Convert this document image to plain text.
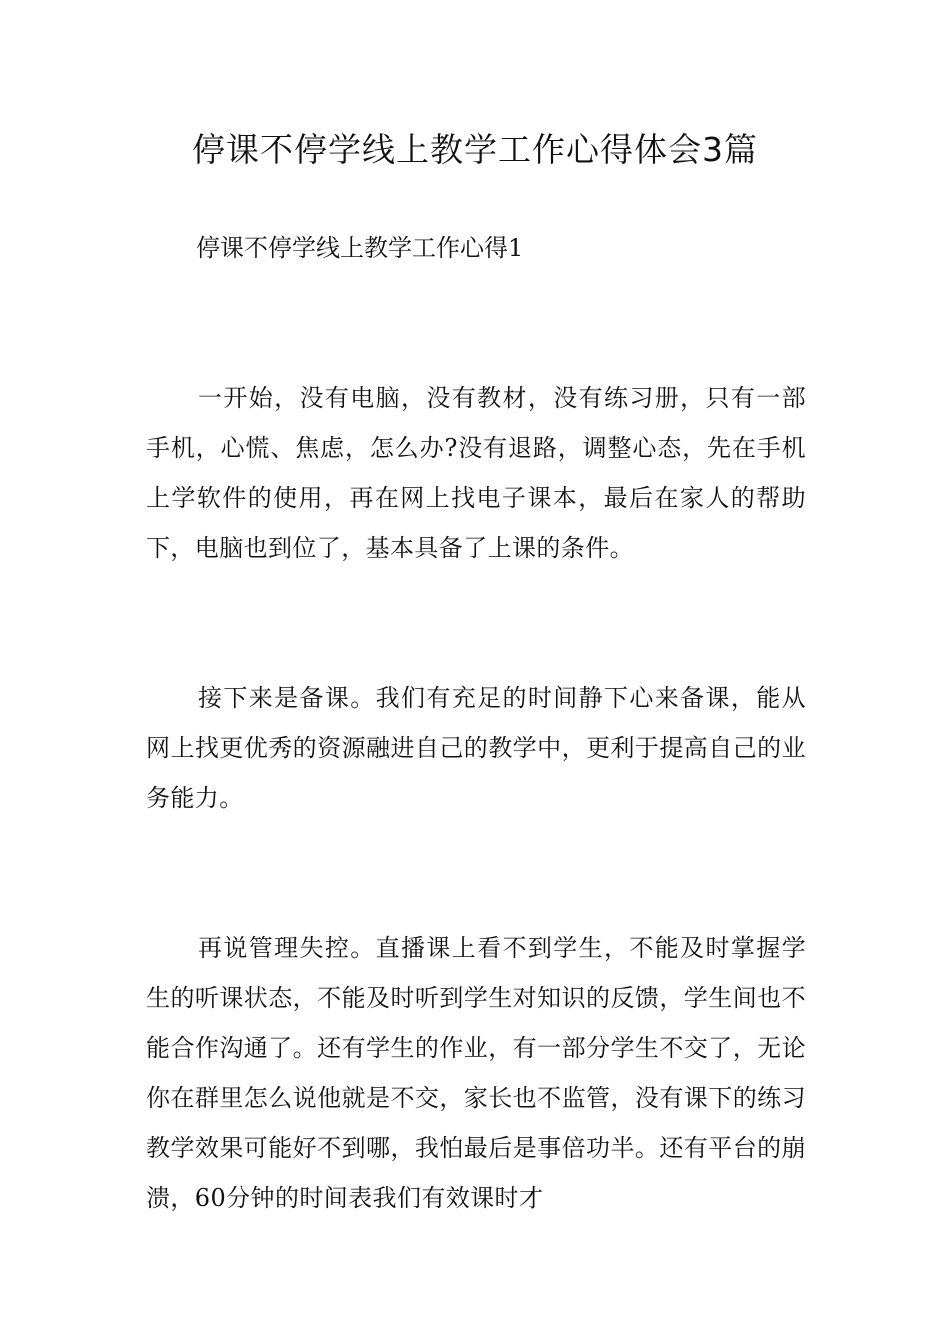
停课不停学线上教学工作心得体会3篇

停课不停学线上教学工作心得1

一开始，没有电脑，没有教材，没有练习册，只有一部手机，心慌、焦虑，怎么办?没有退路，调整心态，先在手机上学软件的使用，再在网上找电子课本，最后在家人的帮助下，电脑也到位了，基本具备了上课的条件。

接下来是备课。我们有充足的时间静下心来备课，能从网上找更优秀的资源融进自己的教学中，更利于提高自己的业务能力。

再说管理失控。直播课上看不到学生，不能及时掌握学生的听课状态，不能及时听到学生对知识的反馈，学生间也不能合作沟通了。还有学生的作业，有一部分学生不交了，无论你在群里怎么说他就是不交，家长也不监管，没有课下的练习教学效果可能好不到哪，我怕最后是事倍功半。还有平台的崩溃，60分钟的时间表我们有效课时才
